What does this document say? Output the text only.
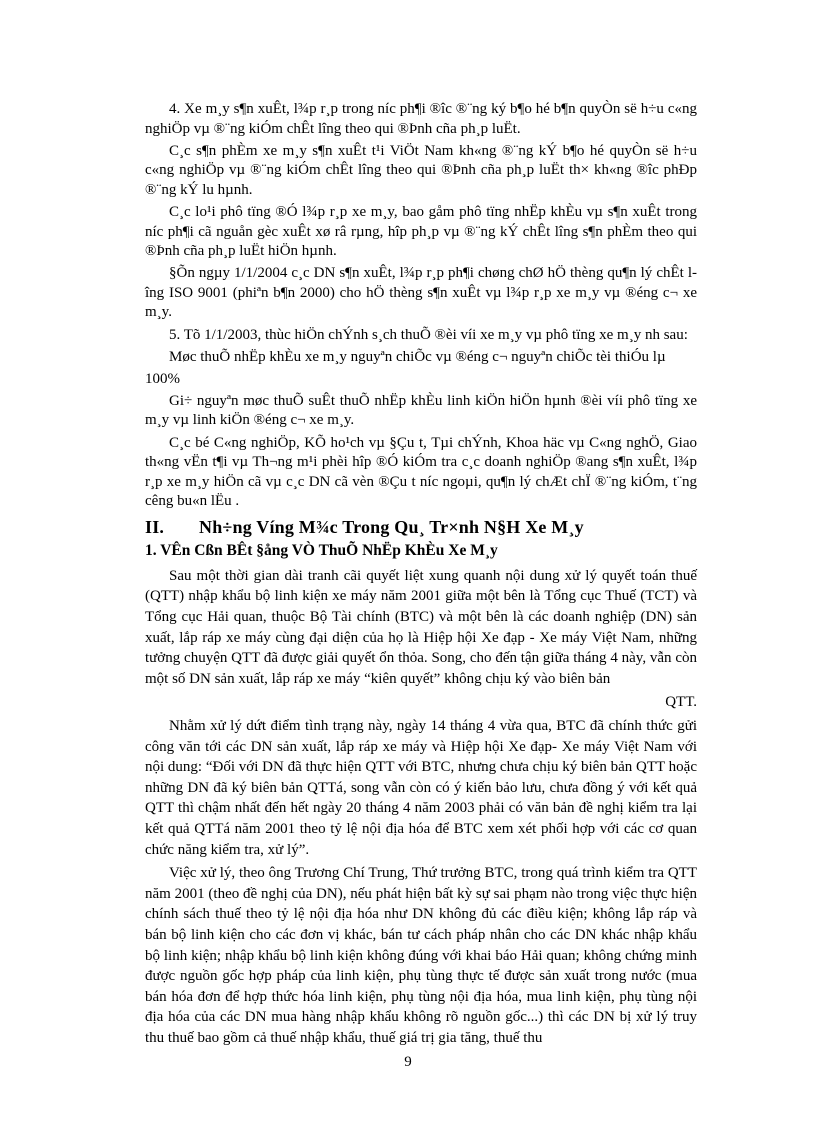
4. Xe m¸y s¶n xuÊt, l¾p r¸p trong níc ph¶i ®îc ®¨ng ký b¶o hé b¶n quyÒn së h÷u c«ng nghiÖp vµ ®¨ng kiÓm chÊt lîng theo qui ®Þnh cña ph¸p luËt.

C¸c s¶n phÈm xe m¸y s¶n xuÊt t¹i ViÖt Nam kh«ng ®¨ng kÝ b¶o hé quyÒn së h÷u c«ng nghiÖp vµ ®¨ng kiÓm chÊt lîng theo qui ®Þnh cña ph¸p luËt th× kh«ng ®îc phÐp ®¨ng kÝ lu hµnh.

C¸c lo¹i phô tïng ®Ó l¾p r¸p xe m¸y, bao gåm phô tïng nhËp khÈu vµ s¶n xuÊt trong níc ph¶i cã nguån gèc xuÊt xø râ rµng, hîp ph¸p vµ ®¨ng kÝ chÊt lîng s¶n phÈm theo qui ®Þnh cña ph¸p luËt hiÖn hµnh.

§Õn ngµy 1/1/2004 c¸c DN s¶n xuÊt, l¾p r¸p ph¶i chøng chØ hÖ thèng qu¶n lý chÊt lîng ISO 9001 (phiªn b¶n 2000) cho hÖ thèng s¶n xuÊt vµ l¾p r¸p xe m¸y vµ ®éng c¬ xe m¸y.

5. Tõ 1/1/2003, thùc hiÖn chÝnh s¸ch thuÕ ®èi víi xe m¸y vµ phô tïng xe m¸y nh sau:

Møc thuÕ nhËp khÈu xe m¸y nguyªn chiÕc vµ ®éng c¬ nguyªn chiÕc tèi thiÓu lµ

100%

Gi÷ nguyªn møc thuÕ suÊt thuÕ nhËp khÈu linh kiÖn hiÖn hµnh ®èi víi phô tïng xe m¸y vµ linh kiÖn ®éng c¬ xe m¸y.

C¸c bé C«ng nghiÖp, KÕ ho¹ch vµ §Çu t, Tµi chÝnh, Khoa häc vµ C«ng nghÖ, Giao th«ng vËn t¶i vµ Th¬ng m¹i phèi hîp ®Ó kiÓm tra c¸c doanh nghiÖp ®ang s¶n xuÊt, l¾p r¸p xe m¸y hiÖn cã vµ c¸c DN cã vèn ®Çu t níc ngoµi, qu¶n lý chÆt chÏ ®¨ng kiÓm, t¨ng cêng bu«n lËu .

II. Nh÷ng Víng M¾c Trong Qu¸ Tr×nh N§H Xe M¸y
1. VÊn Cßn BÊt §ång VÒ ThuÕ NhËp KhÈu Xe M¸y

Sau một thời gian dài tranh cãi quyết liệt xung quanh nội dung xử lý quyết toán thuế (QTT) nhập khẩu bộ linh kiện xe máy năm 2001 giữa một bên là Tổng cục Thuế (TCT) và Tổng cục Hải quan, thuộc Bộ Tài chính (BTC) và một bên là các doanh nghiệp (DN) sản xuất, lắp ráp xe máy cùng đại diện của họ là Hiệp hội Xe đạp - Xe máy Việt Nam, những tưởng chuyện QTT đã được giải quyết ổn thỏa. Song, cho đến tận giữa tháng 4 này, vẫn còn một số DN sản xuất, lắp ráp xe máy “kiên quyết” không chịu ký vào biên bản

QTT.

Nhằm xử lý dứt điểm tình trạng này, ngày 14 tháng 4 vừa qua, BTC đã chính thức gửi công văn tới các DN sản xuất, lắp ráp xe máy và Hiệp hội Xe đạp- Xe máy Việt Nam với nội dung: “Đối với DN đã thực hiện QTT với BTC, nhưng chưa chịu ký biên bản QTT hoặc những DN đã ký biên bản QTTá, song vẫn còn có ý kiến bảo lưu, chưa đồng ý với kết quả QTT thì chậm nhất đến hết ngày 20 tháng 4 năm 2003 phải có văn bản đề nghị kiểm tra lại kết quả QTTá năm 2001 theo tỷ lệ nội địa hóa để BTC xem xét phối hợp với các cơ quan chức năng kiểm tra, xử lý”.

Việc xử lý, theo ông Trương Chí Trung, Thứ trưởng BTC, trong quá trình kiểm tra QTT năm 2001 (theo đề nghị của DN), nếu phát hiện bất kỳ sự sai phạm nào trong việc thực hiện chính sách thuế theo tỷ lệ nội địa hóa như DN không đủ các điều kiện; không lắp ráp và bán bộ linh kiện cho các đơn vị khác, bán tư cách pháp nhân cho các DN khác nhập khẩu bộ linh kiện; nhập khẩu bộ linh kiện không đúng với khai báo Hải quan; không chứng minh được nguồn gốc hợp pháp của linh kiện, phụ tùng thực tế được sản xuất trong nước (mua bán hóa đơn để hợp thức hóa linh kiện, phụ tùng nội địa hóa, mua linh kiện, phụ tùng nội địa hóa của các DN mua hàng nhập khẩu không rõ nguồn gốc...) thì các DN bị xử lý truy thu thuế bao gồm cả thuế nhập khẩu, thuế giá trị gia tăng, thuế thu

9
